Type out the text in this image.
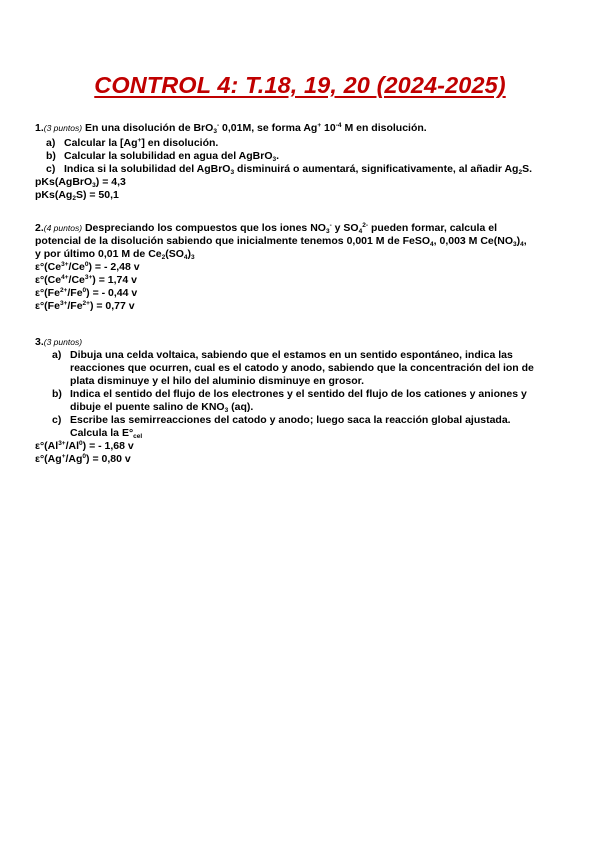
CONTROL 4: T.18, 19, 20 (2024-2025)
1.(3 puntos) En una disolución de BrO$_3$- 0,01M, se forma Ag+ $10^{-4}$ M en disolución.
a) Calcular la [Ag+] en disolución.
b) Calcular la solubilidad en agua del AgBrO$_3$.
c) Indica si la solubilidad del AgBrO$_3$ disminuirá o aumentará, significativamente, al añadir $Ag_2S$.
pKs(AgBrO$_3$) = 4,3
$pKs(Ag_2S) = 50,1$
2.(4 puntos) Despreciando los compuestos que los iones $NO_3^-$ y $SO_4^{2-}$ pueden formar, calcula el
potencial de la disolución sabiendo que inicialmente tenemos 0,001 M de FeSO$_4$, 0,003 M $Ce(NO_3)_4$,
y por último 0,01 M de $Ce_2(SO_4)_3$
$\varepsilon^\circ(Ce^{3+}/Ce^0)$ = - 2,48 v
$\varepsilon^\circ(Ce^{4+}/Ce^{3+}) = 1,74$ v
$\varepsilon^\circ(Fe^{2+}/Fe^0)$ = - 0,44 v
$\varepsilon^\circ(Fe^{3+}/Fe^{2+}) = 0,77$ v
3.(3 puntos)
a) Dibuja una celda voltaica, sabiendo que el estamos en un sentido espontáneo, indica las
reacciones que ocurren, cual es el catodo y anodo, sabiendo que la concentración del ion de
plata disminuye y el hilo del aluminio disminuye en grosor.
b) Indica el sentido del flujo de los electrones y el sentido del flujo de los cationes y aniones y
dibuje el puente salino de $KNO_3$ (aq).
c) Escribe las semirreacciones del catodo y anodo; luego saca la reacción global ajustada.
Calcula la $E^\circ_{cel}$
$\varepsilon^\circ(Al^{3+}/Al^0)$ = - 1,68 v
$\varepsilon^\circ(Ag^+/Ag^0) = 0,80$ v
